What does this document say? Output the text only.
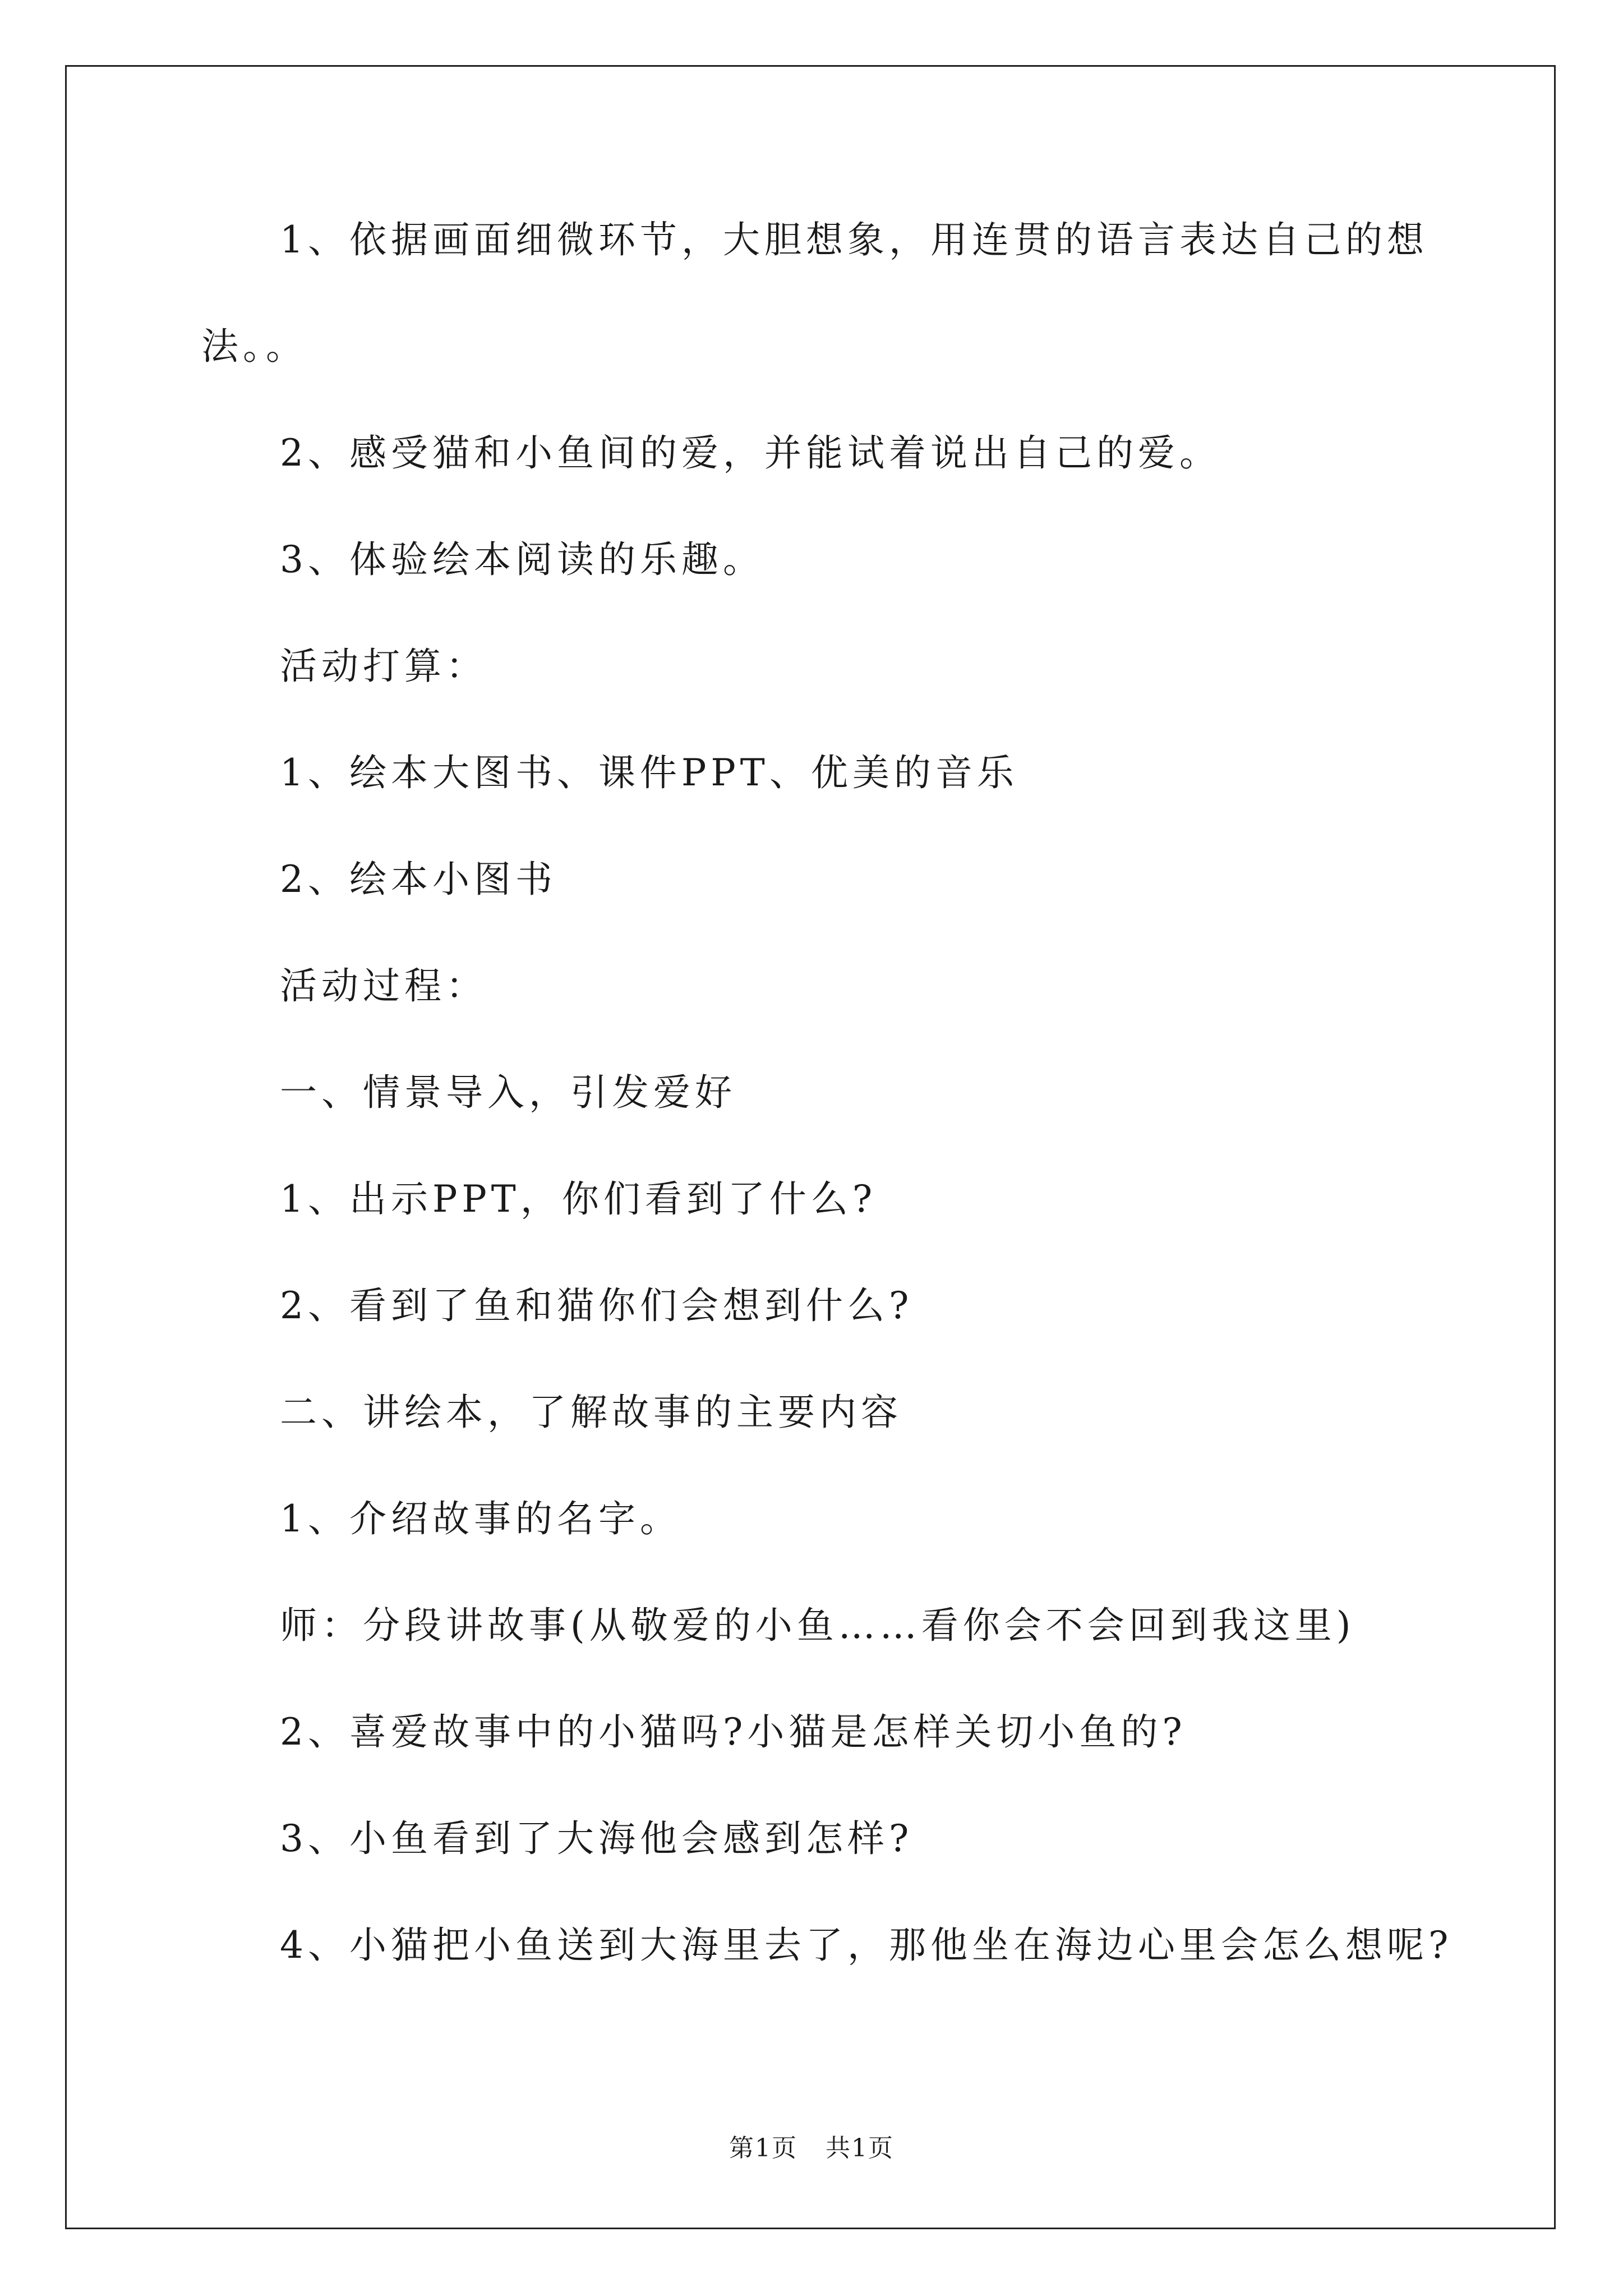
1、依据画面细微环节，大胆想象，用连贯的语言表达自己的想

法。。

2、感受猫和小鱼间的爱，并能试着说出自己的爱。

3、体验绘本阅读的乐趣。

活动打算：

1、绘本大图书、课件PPT、优美的音乐

2、绘本小图书

活动过程：

一、情景导入，引发爱好

1、出示PPT，你们看到了什么?

2、看到了鱼和猫你们会想到什么?

二、讲绘本，了解故事的主要内容

1、介绍故事的名字。

师：分段讲故事(从敬爱的小鱼……看你会不会回到我这里)

2、喜爱故事中的小猫吗?小猫是怎样关切小鱼的?

3、小鱼看到了大海他会感到怎样?

4、小猫把小鱼送到大海里去了，那他坐在海边心里会怎么想呢?

第1页 共1页
